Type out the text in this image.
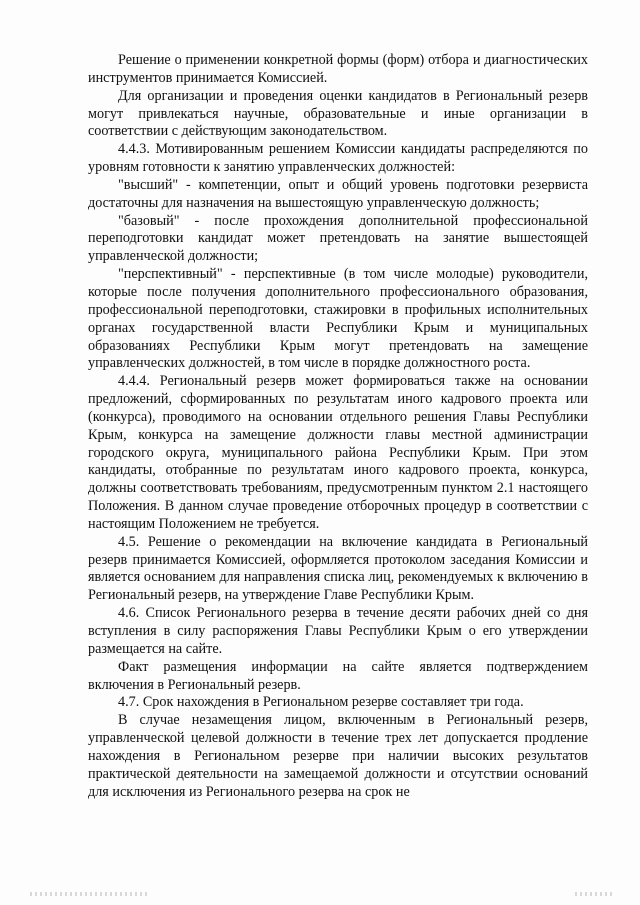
Решение о применении конкретной формы (форм) отбора и диагностических инструментов принимается Комиссией.

Для организации и проведения оценки кандидатов в Региональный резерв могут привлекаться научные, образовательные и иные организации в соответствии с действующим законодательством.

4.4.3. Мотивированным решением Комиссии кандидаты распределяются по уровням готовности к занятию управленческих должностей:

"высший" - компетенции, опыт и общий уровень подготовки резервиста достаточны для назначения на вышестоящую управленческую должность;

"базовый" - после прохождения дополнительной профессиональной переподготовки кандидат может претендовать на занятие вышестоящей управленческой должности;

"перспективный" - перспективные (в том числе молодые) руководители, которые после получения дополнительного профессионального образования, профессиональной переподготовки, стажировки в профильных исполнительных органах государственной власти Республики Крым и муниципальных образованиях Республики Крым могут претендовать на замещение управленческих должностей, в том числе в порядке должностного роста.

4.4.4. Региональный резерв может формироваться также на основании предложений, сформированных по результатам иного кадрового проекта или (конкурса), проводимого на основании отдельного решения Главы Республики Крым, конкурса на замещение должности главы местной администрации городского округа, муниципального района Республики Крым. При этом кандидаты, отобранные по результатам иного кадрового проекта, конкурса, должны соответствовать требованиям, предусмотренным пунктом 2.1 настоящего Положения. В данном случае проведение отборочных процедур в соответствии с настоящим Положением не требуется.

4.5. Решение о рекомендации на включение кандидата в Региональный резерв принимается Комиссией, оформляется протоколом заседания Комиссии и является основанием для направления списка лиц, рекомендуемых к включению в Региональный резерв, на утверждение Главе Республики Крым.

4.6. Список Регионального резерва в течение десяти рабочих дней со дня вступления в силу распоряжения Главы Республики Крым о его утверждении размещается на сайте.

Факт размещения информации на сайте является подтверждением включения в Региональный резерв.

4.7. Срок нахождения в Региональном резерве составляет три года.

В случае незамещения лицом, включенным в Региональный резерв, управленческой целевой должности в течение трех лет допускается продление нахождения в Региональном резерве при наличии высоких результатов практической деятельности на замещаемой должности и отсутствии оснований для исключения из Регионального резерва на срок не
